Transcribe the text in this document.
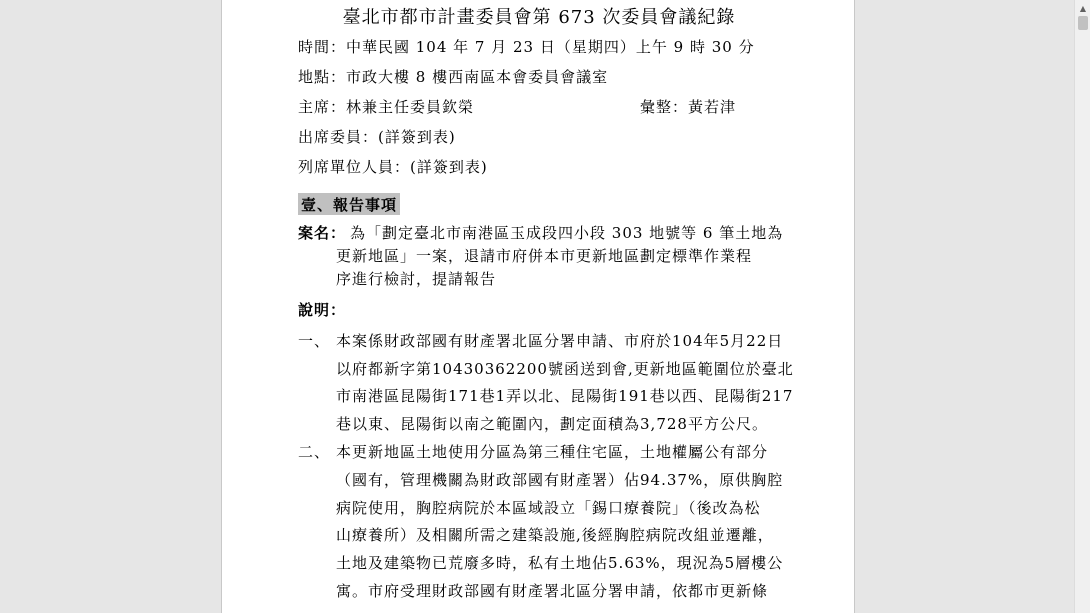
臺北市都市計畫委員會第 673 次委員會議紀錄
時間：中華民國 104 年 7 月 23 日（星期四）上午 9 時 30 分
地點：市政大樓 8 樓西南區本會委員會議室
主席：林兼主任委員欽榮	彙整：黃若津
出席委員：(詳簽到表)
列席單位人員：(詳簽到表)
壹、報告事項
案名： 為「劃定臺北市南港區玉成段四小段 303 地號等 6 筆土地為
更新地區」一案，退請市府併本市更新地區劃定標準作業程
序進行檢討，提請報告
說明：
一、 本案係財政部國有財產署北區分署申請、市府於104年5月22日
以府都新字第10430362200號函送到會,更新地區範圍位於臺北
市南港區昆陽街171巷1弄以北、昆陽街191巷以西、昆陽街217
巷以東、昆陽街以南之範圍內，劃定面積為3,728平方公尺。
二、 本更新地區土地使用分區為第三種住宅區，土地權屬公有部分
（國有，管理機關為財政部國有財產署）佔94.37%，原供胸腔
病院使用，胸腔病院於本區域設立「錫口療養院」（後改為松
山療養所）及相關所需之建築設施,後經胸腔病院改組並遷離，
土地及建築物已荒廢多時，私有土地佔5.63%，現況為5層樓公
寓。市府受理財政部國有財產署北區分署申請，依都市更新條
▲
